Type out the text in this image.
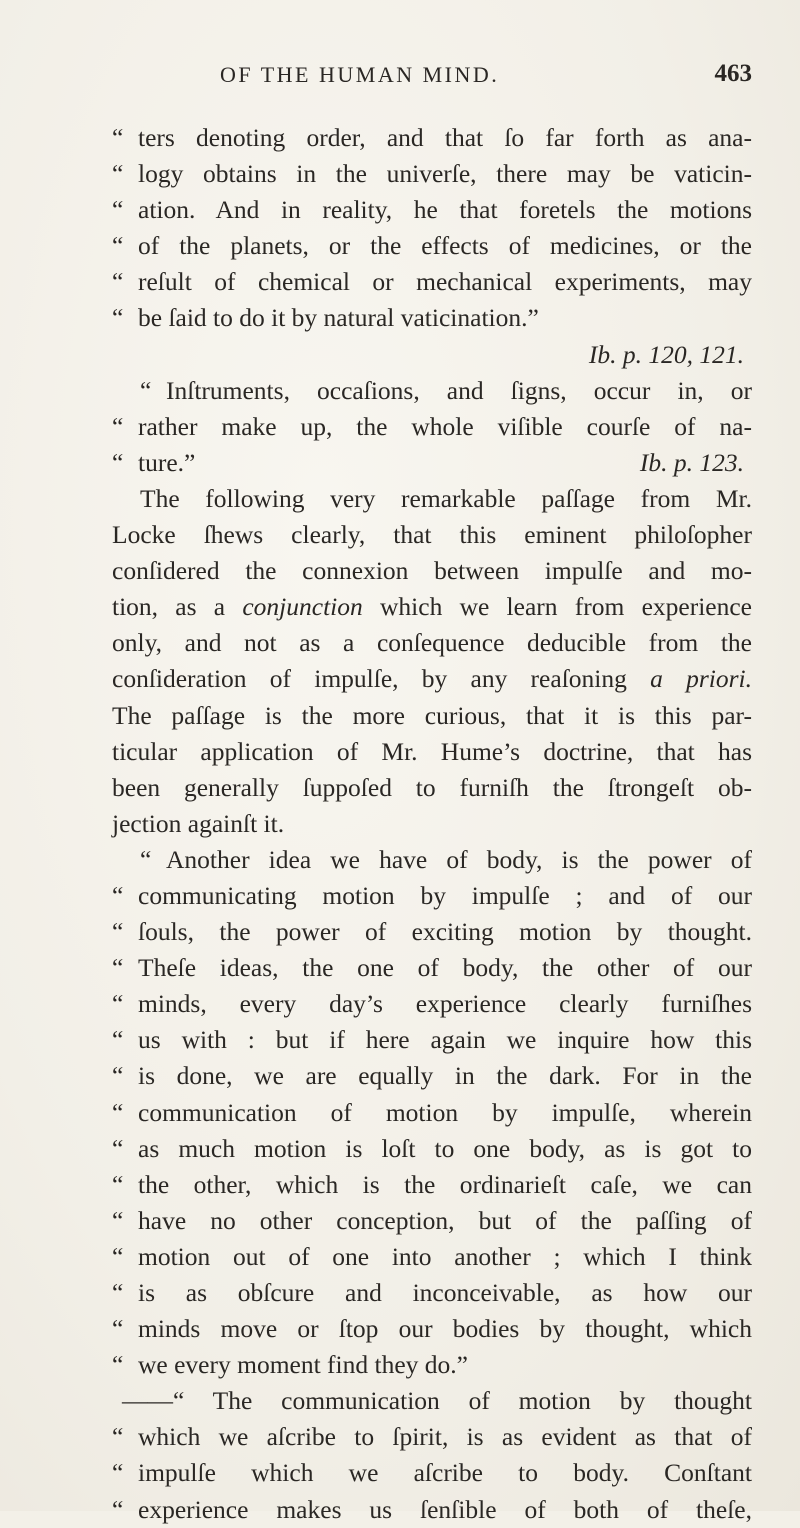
OF THE HUMAN MIND.	463
“ ters denoting order, and that ſo far forth as ana-
“ logy obtains in the univerſe, there may be vaticin-
“ ation. And in reality, he that foretels the motions
“ of the planets, or the effects of medicines, or the
“ reſult of chemical or mechanical experiments, may
“ be ſaid to do it by natural vaticination.”
Ib. p. 120, 121.
“ Inſtruments, occaſions, and ſigns, occur in, or
“ rather make up, the whole viſible courſe of na-
“ ture.”	Ib. p. 123.
The following very remarkable paſſage from Mr.
Locke ſhews clearly, that this eminent philoſopher
conſidered the connexion between impulſe and mo-
tion, as a conjunction which we learn from experience
only, and not as a conſequence deducible from the
conſideration of impulſe, by any reaſoning a priori.
The paſſage is the more curious, that it is this par-
ticular application of Mr. Hume’s doctrine, that has
been generally ſuppoſed to furniſh the ſtrongeſt ob-
jection againſt it.
“ Another idea we have of body, is the power of
“ communicating motion by impulſe ; and of our
“ ſouls, the power of exciting motion by thought.
“ Theſe ideas, the one of body, the other of our
“ minds, every day’s experience clearly furniſhes
“ us with : but if here again we inquire how this
“ is done, we are equally in the dark. For in the
“ communication of motion by impulſe, wherein
“ as much motion is loſt to one body, as is got to
“ the other, which is the ordinarieſt caſe, we can
“ have no other conception, but of the paſſing of
“ motion out of one into another ; which I think
“ is as obſcure and inconceivable, as how our
“ minds move or ſtop our bodies by thought, which
“ we every moment find they do.”
——“ The communication of motion by thought
“ which we aſcribe to ſpirit, is as evident as that of
“ impulſe which we aſcribe to body. Conſtant
“ experience makes us ſenſible of both of theſe,
